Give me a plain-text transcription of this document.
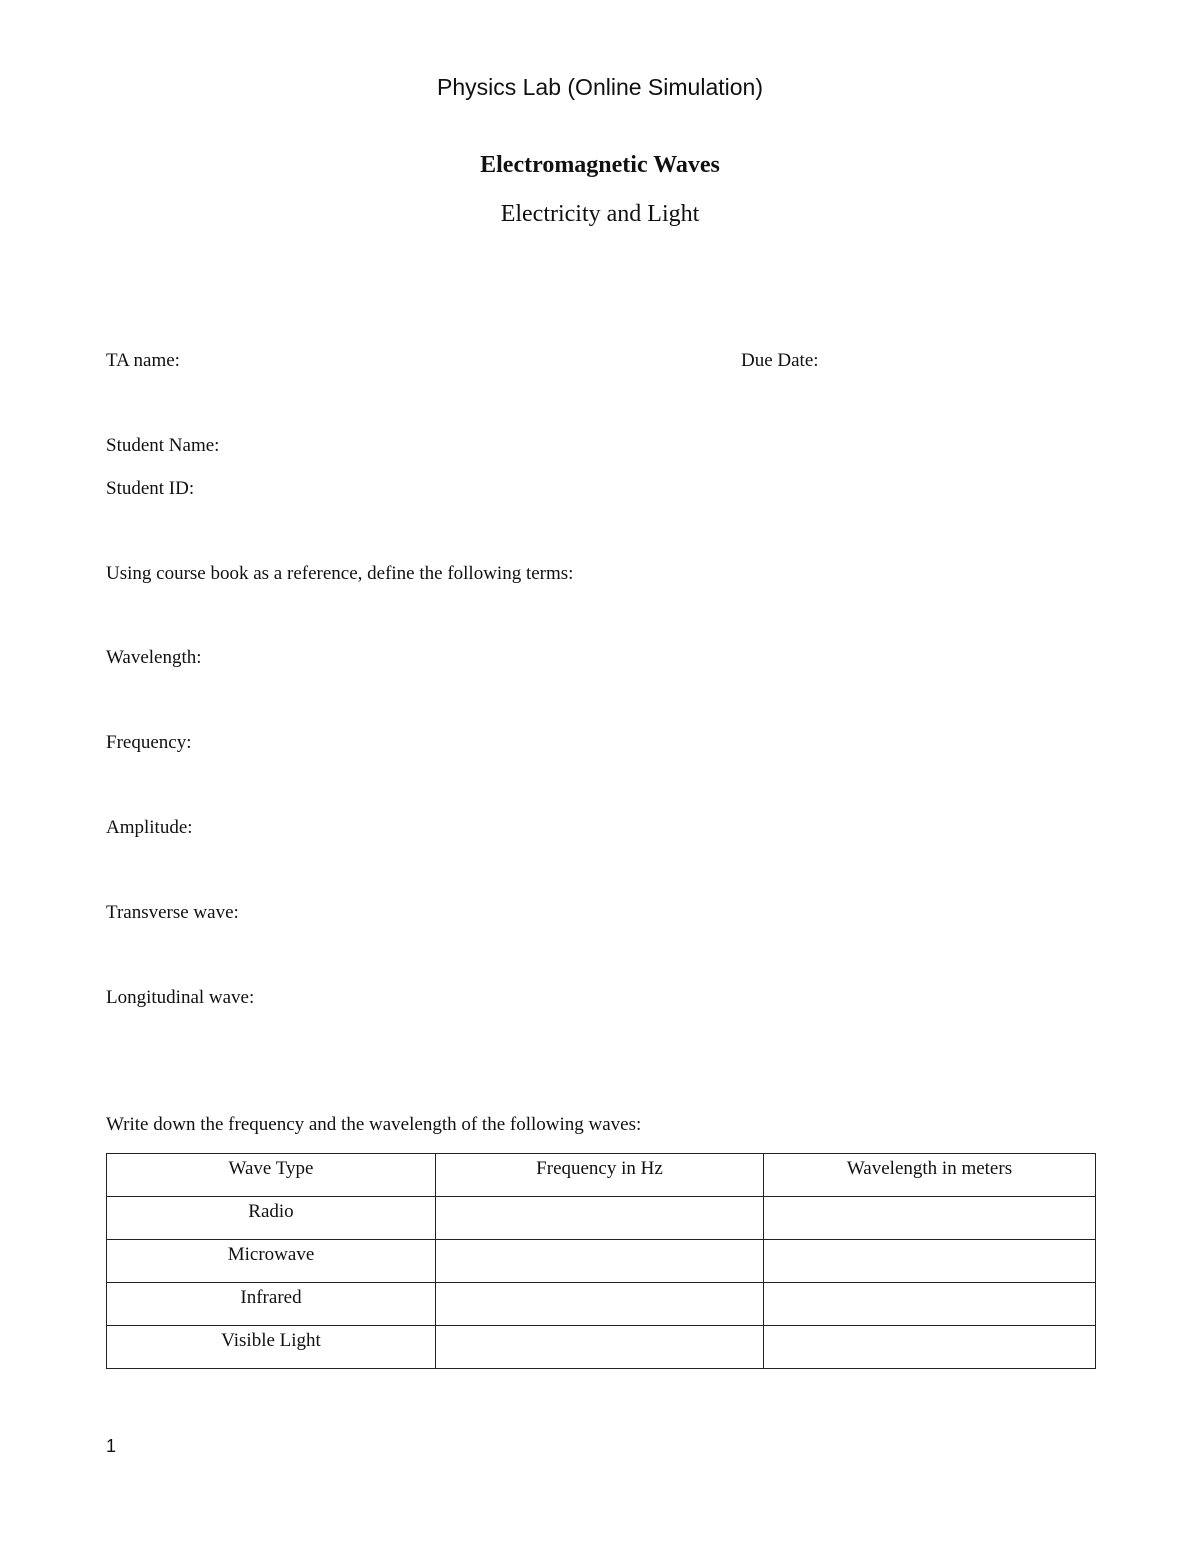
Physics Lab (Online Simulation)
Electromagnetic Waves
Electricity and Light
TA name:	Due Date:
Student Name:
Student ID:
Using course book as a reference, define the following terms:
Wavelength:
Frequency:
Amplitude:
Transverse wave:
Longitudinal wave:
Write down the frequency and the wavelength of the following waves:
Wave Type	Frequency in Hz	Wavelength in meters
Radio		
Microwave		
Infrared		
Visible Light		
1
